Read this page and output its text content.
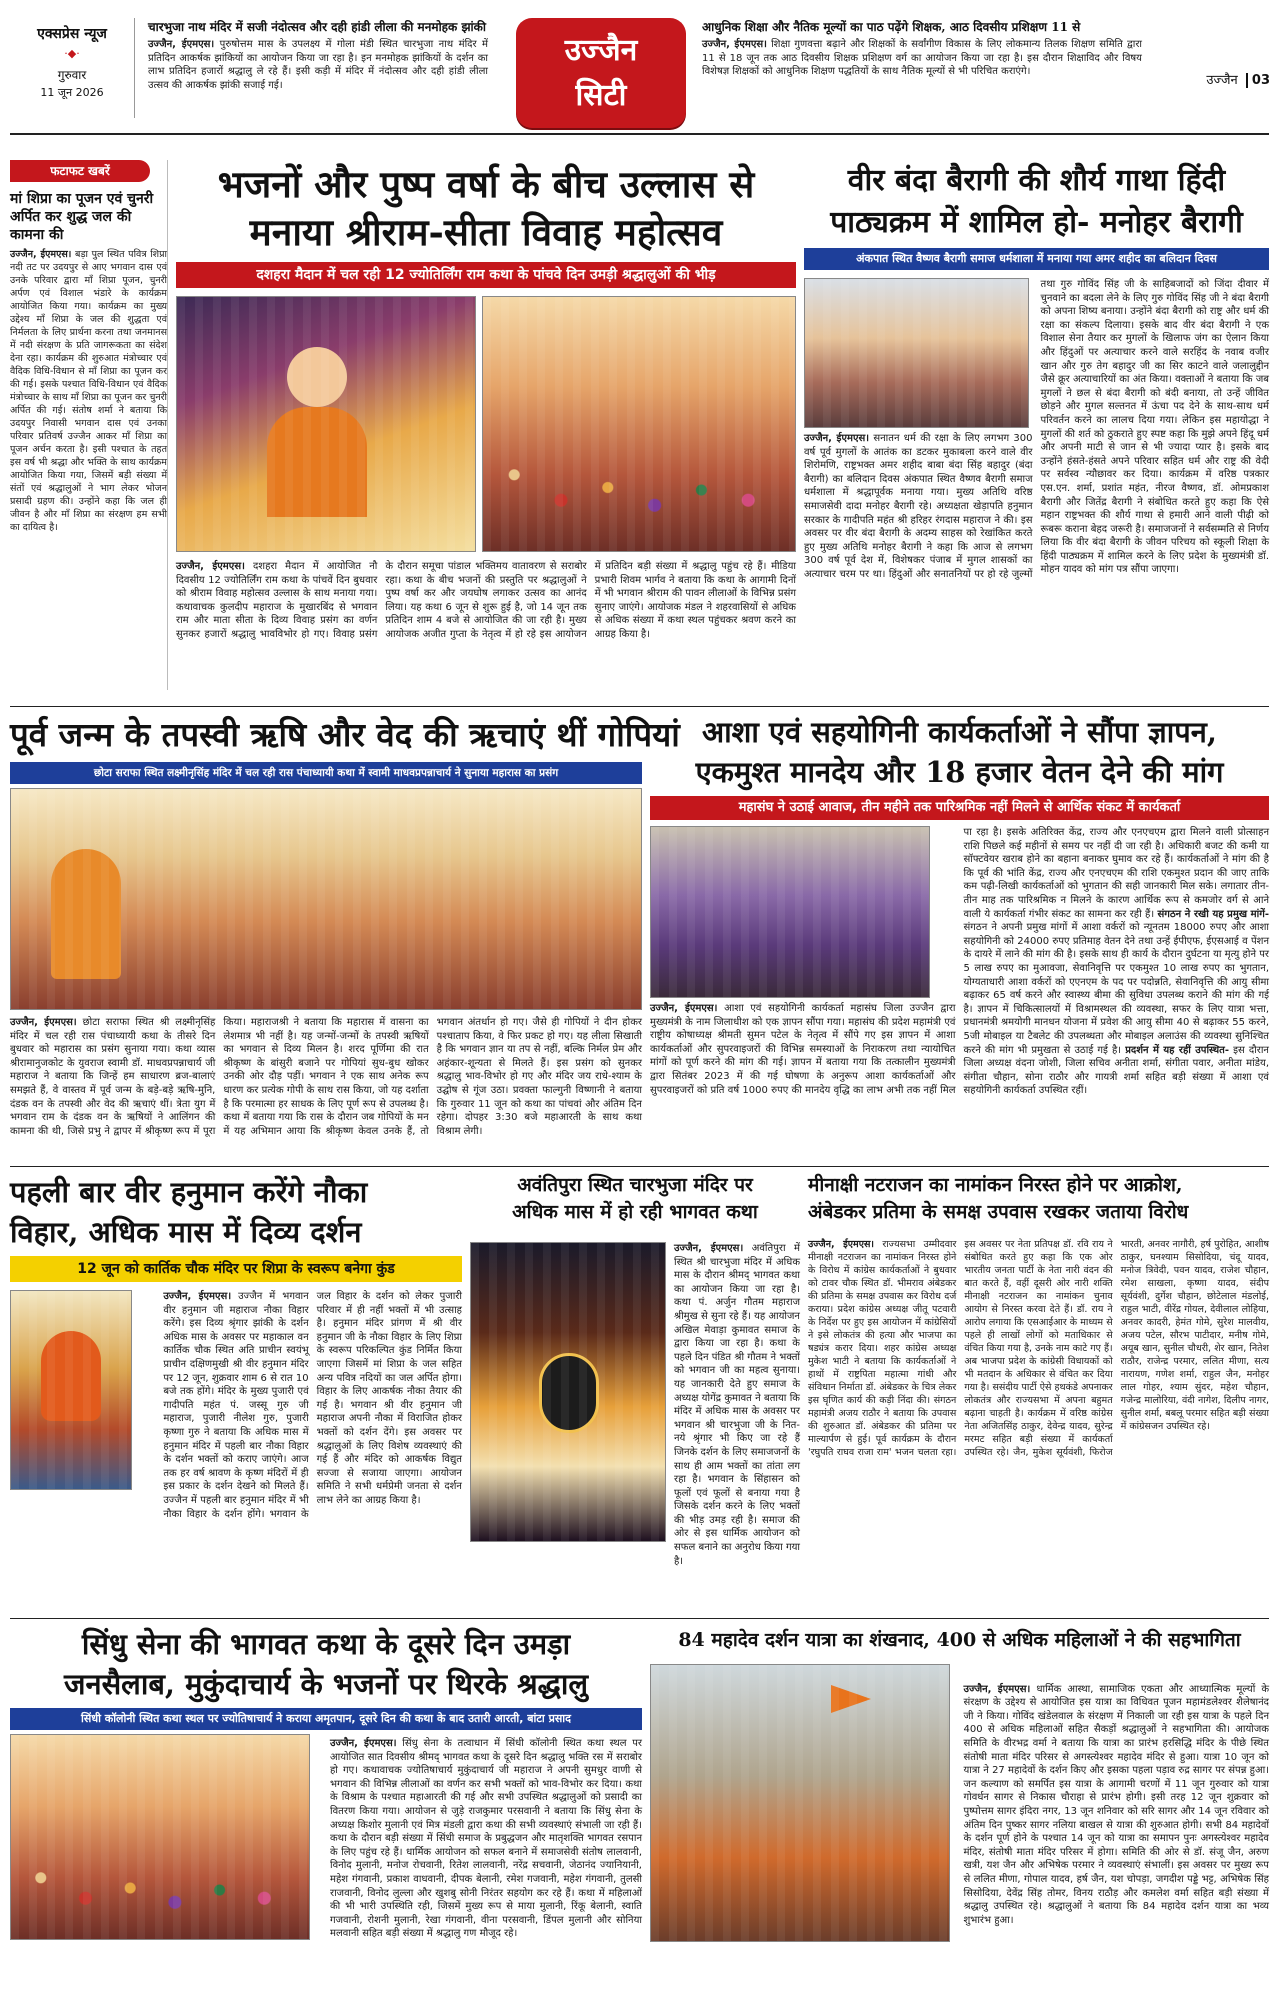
एक्सप्रेस न्यूज
·◆·
गुरुवार
11 जून 2026
चारभुजा नाथ मंदिर में सजी नंदोत्सव और दही हांडी लीला की मनमोहक झांकी
उज्जैन, ईएमएस। पुरुषोत्तम मास के उपलक्ष्य में गोला मंडी स्थित चारभुजा नाथ मंदिर में प्रतिदिन आकर्षक झांकियों का आयोजन किया जा रहा है। इन मनमोहक झांकियों के दर्शन का लाभ प्रतिदिन हजारों श्रद्धालु ले रहे हैं। इसी कड़ी में मंदिर में नंदोत्सव और दही हांडी लीला उत्सव की आकर्षक झांकी सजाई गई।
उज्जैन
सिटी
आधुनिक शिक्षा और नैतिक मूल्यों का पाठ पढ़ेंगे शिक्षक, आठ दिवसीय प्रशिक्षण 11 से
उज्जैन, ईएमएस। शिक्षा गुणवत्ता बढ़ाने और शिक्षकों के सर्वांगीण विकास के लिए लोकमान्य तिलक शिक्षण समिति द्वारा 11 से 18 जून तक आठ दिवसीय शिक्षक प्रशिक्षण वर्ग का आयोजन किया जा रहा है। इस दौरान शिक्षाविद और विषय विशेषज्ञ शिक्षकों को आधुनिक शिक्षण पद्धतियों के साथ नैतिक मूल्यों से भी परिचित कराएंगे।
उज्जैन 03
फटाफट खबरें
मां शिप्रा का पूजन एवं चुनरी अर्पित कर शुद्ध जल की कामना की
उज्जैन, ईएमएस। बड़ा पुल स्थित पवित्र शिप्रा नदी तट पर उदयपुर से आए भगवान दास एवं उनके परिवार द्वारा माँ शिप्रा पूजन, चुनरी अर्पण एवं विशाल भंडारे के कार्यक्रम आयोजित किया गया। कार्यक्रम का मुख्य उद्देश्य माँ शिप्रा के जल की शुद्धता एवं निर्मलता के लिए प्रार्थना करना तथा जनमानस में नदी संरक्षण के प्रति जागरूकता का संदेश देना रहा। कार्यक्रम की शुरुआत मंत्रोच्चार एवं वैदिक विधि-विधान से माँ शिप्रा का पूजन कर की गई। इसके पश्चात विधि-विधान एवं वैदिक मंत्रोच्चार के साथ माँ शिप्रा का पूजन कर चुनरी अर्पित की गई। संतोष शर्मा ने बताया कि उदयपुर निवासी भगवान दास एवं उनका परिवार प्रतिवर्ष उज्जैन आकर माँ शिप्रा का पूजन अर्चन करता है। इसी पश्चात के तहत इस वर्ष भी श्रद्धा और भक्ति के साथ कार्यक्रम आयोजित किया गया, जिसमें बड़ी संख्या में संतों एवं श्रद्धालुओं ने भाग लेकर भोजन प्रसादी ग्रहण की। उन्होंने कहा कि जल ही जीवन है और माँ शिप्रा का संरक्षण हम सभी का दायित्व है।
भजनों और पुष्प वर्षा के बीच उल्लास से
मनाया श्रीराम-सीता विवाह महोत्सव
दशहरा मैदान में चल रही 12 ज्योतिर्लिंग राम कथा के पांचवे दिन उमड़ी श्रद्धालुओं की भीड़
उज्जैन, ईएमएस। दशहरा मैदान में आयोजित नौ दिवसीय 12 ज्योतिर्लिंग राम कथा के पांचवें दिन बुधवार को श्रीराम विवाह महोत्सव उल्लास के साथ मनाया गया। कथावाचक कुलदीप महाराज के मुखारबिंद से भगवान राम और माता सीता के दिव्य विवाह प्रसंग का वर्णन सुनकर हजारों श्रद्धालु भावविभोर हो गए। विवाह प्रसंग के दौरान समूचा पांडाल भक्तिमय वातावरण से सराबोर रहा। कथा के बीच भजनों की प्रस्तुति पर श्रद्धालुओं ने पुष्प वर्षा कर और जयघोष लगाकर उत्सव का आनंद लिया। यह कथा 6 जून से शुरू हुई है, जो 14 जून तक प्रतिदिन शाम 4 बजे से आयोजित की जा रही है। मुख्य आयोजक अजीत गुप्ता के नेतृत्व में हो रहे इस आयोजन में प्रतिदिन बड़ी संख्या में श्रद्धालु पहुंच रहे हैं। मीडिया प्रभारी शिवम भार्गव ने बताया कि कथा के आगामी दिनों में भी भगवान श्रीराम की पावन लीलाओं के विभिन्न प्रसंग सुनाए जाएंगे। आयोजक मंडल ने शहरवासियों से अधिक से अधिक संख्या में कथा स्थल पहुंचकर श्रवण करने का आग्रह किया है।
वीर बंदा बैरागी की शौर्य गाथा हिंदी
पाठ्यक्रम में शामिल हो- मनोहर बैरागी
अंकपात स्थित वैष्णव बैरागी समाज धर्मशाला में मनाया गया अमर शहीद का बलिदान दिवस
उज्जैन, ईएमएस। सनातन धर्म की रक्षा के लिए लगभग 300 वर्ष पूर्व मुगलों के आतंक का डटकर मुकाबला करने वाले वीर शिरोमणि, राष्ट्रभक्त अमर शहीद बाबा बंदा सिंह बहादुर (बंदा बैरागी) का बलिदान दिवस अंकपात स्थित वैष्णव बैरागी समाज धर्मशाला में श्रद्धापूर्वक मनाया गया। मुख्य अतिथि वरिष्ठ समाजसेवी दादा मनोहर बैरागी रहे। अध्यक्षता खेड़ापति हनुमान सरकार के गादीपति महंत श्री हरिहर रंगदास महाराज ने की। इस अवसर पर वीर बंदा बैरागी के अदम्य साहस को रेखांकित करते हुए मुख्य अतिथि मनोहर बैरागी ने कहा कि आज से लगभग 300 वर्ष पूर्व देश में, विशेषकर पंजाब में मुगल शासकों का अत्याचार चरम पर था। हिंदुओं और सनातनियों पर हो रहे जुल्मों तथा गुरु गोविंद सिंह जी के साहिबजादों को जिंदा दीवार में चुनवाने का बदला लेने के लिए गुरु गोविंद सिंह जी ने बंदा बैरागी को अपना शिष्य बनाया। उन्होंने बंदा बैरागी को राष्ट्र और धर्म की रक्षा का संकल्प दिलाया। इसके बाद वीर बंदा बैरागी ने एक विशाल सेना तैयार कर मुगलों के खिलाफ जंग का ऐलान किया और हिंदुओं पर अत्याचार करने वाले सरहिंद के नवाब वजीर खान और गुरु तेग बहादुर जी का सिर काटने वाले जलालुद्दीन जैसे क्रूर अत्याचारियों का अंत किया। वक्ताओं ने बताया कि जब मुगलों ने छल से बंदा बैरागी को बंदी बनाया, तो उन्हें जीवित छोड़ने और मुगल सल्तनत में ऊंचा पद देने के साथ-साथ धर्म परिवर्तन करने का लालच दिया गया। लेकिन इस महायोद्धा ने मुगलों की शर्त को ठुकराते हुए स्पष्ट कहा कि मुझे अपने हिंदू धर्म और अपनी माटी से जान से भी ज्यादा प्यार है। इसके बाद उन्होंने हंसते-हंसते अपने परिवार सहित धर्म और राष्ट्र की वेदी पर सर्वस्व न्यौछावर कर दिया। कार्यक्रम में वरिष्ठ पत्रकार एस.एन. शर्मा, प्रशांत महंत, नीरज वैष्णव, डॉ. ओमप्रकाश बैरागी और जितेंद्र बैरागी ने संबोधित करते हुए कहा कि ऐसे महान राष्ट्रभक्त की शौर्य गाथा से हमारी आने वाली पीढ़ी को रूबरू कराना बेहद जरूरी है। समाजजनों ने सर्वसम्मति से निर्णय लिया कि वीर बंदा बैरागी के जीवन परिचय को स्कूली शिक्षा के हिंदी पाठ्यक्रम में शामिल करने के लिए प्रदेश के मुख्यमंत्री डॉ. मोहन यादव को मांग पत्र सौंपा जाएगा।
पूर्व जन्म के तपस्वी ऋषि और वेद की ऋचाएं थीं गोपियां
छोटा सराफा स्थित लक्ष्मीनृसिंह मंदिर में चल रही रास पंचाध्यायी कथा में स्वामी माधवप्रपन्नाचार्य ने सुनाया महारास का प्रसंग
उज्जैन, ईएमएस। छोटा सराफा स्थित श्री लक्ष्मीनृसिंह मंदिर में चल रही रास पंचाध्यायी कथा के तीसरे दिन बुधवार को महारास का प्रसंग सुनाया गया। कथा व्यास श्रीरामानुजकोट के युवराज स्वामी डॉ. माधवप्रपन्नाचार्य जी महाराज ने बताया कि जिन्हें हम साधारण ब्रज-बालाएं समझते हैं, वे वास्तव में पूर्व जन्म के बड़े-बड़े ऋषि-मुनि, दंडक वन के तपस्वी और वेद की ऋचाएं थीं। त्रेता युग में भगवान राम के दंडक वन के ऋषियों ने आलिंगन की कामना की थी, जिसे प्रभु ने द्वापर में श्रीकृष्ण रूप में पूरा किया। महाराजश्री ने बताया कि महारास में वासना का लेशमात्र भी नहीं है। यह जन्मों-जन्मों के तपस्वी ऋषियों का भगवान से दिव्य मिलन है। शरद पूर्णिमा की रात श्रीकृष्ण के बांसुरी बजाने पर गोपियां सुध-बुध खोकर उनकी ओर दौड़ पड़ीं। भगवान ने एक साथ अनेक रूप धारण कर प्रत्येक गोपी के साथ रास किया, जो यह दर्शाता है कि परमात्मा हर साधक के लिए पूर्ण रूप से उपलब्ध है। कथा में बताया गया कि रास के दौरान जब गोपियों के मन में यह अभिमान आया कि श्रीकृष्ण केवल उनके हैं, तो भगवान अंतर्धान हो गए। जैसे ही गोपियों ने दीन होकर पश्चाताप किया, वे फिर प्रकट हो गए। यह लीला सिखाती है कि भगवान ज्ञान या तप से नहीं, बल्कि निर्मल प्रेम और अहंकार-शून्यता से मिलते हैं। इस प्रसंग को सुनकर श्रद्धालु भाव-विभोर हो गए और मंदिर जय राधे-श्याम के उद्घोष से गूंज उठा। प्रवक्ता फाल्गुनी विष्णानी ने बताया कि गुरुवार 11 जून को कथा का पांचवां और अंतिम दिन रहेगा। दोपहर 3:30 बजे महाआरती के साथ कथा विश्राम लेगी।
आशा एवं सहयोगिनी कार्यकर्ताओं ने सौंपा ज्ञापन,
एकमुश्त मानदेय और 18 हजार वेतन देने की मांग
महासंघ ने उठाई आवाज, तीन महीने तक पारिश्रमिक नहीं मिलने से आर्थिक संकट में कार्यकर्ता
उज्जैन, ईएमएस। आशा एवं सहयोगिनी कार्यकर्ता महासंघ जिला उज्जैन द्वारा मुख्यमंत्री के नाम जिलाधीश को एक ज्ञापन सौंपा गया। महासंघ की प्रदेश महामंत्री एवं राष्ट्रीय कोषाध्यक्ष श्रीमती सुमन पटेल के नेतृत्व में सौंपे गए इस ज्ञापन में आशा कार्यकर्ताओं और सुपरवाइजरों की विभिन्न समस्याओं के निराकरण तथा न्यायोचित मांगों को पूर्ण करने की मांग की गई। ज्ञापन में बताया गया कि तत्कालीन मुख्यमंत्री द्वारा सितंबर 2023 में की गई घोषणा के अनुरूप आशा कार्यकर्ताओं और सुपरवाइजरों को प्रति वर्ष 1000 रुपए की मानदेय वृद्धि का लाभ अभी तक नहीं मिल पा रहा है। इसके अतिरिक्त केंद्र, राज्य और एनएचएम द्वारा मिलने वाली प्रोत्साहन राशि पिछले कई महीनों से समय पर नहीं दी जा रही है। अधिकारी बजट की कमी या सॉफ्टवेयर खराब होने का बहाना बनाकर घुमाव कर रहे हैं। कार्यकर्ताओं ने मांग की है कि पूर्व की भांति केंद्र, राज्य और एनएचएम की राशि एकमुश्त प्रदान की जाए ताकि कम पढ़ी-लिखी कार्यकर्ताओं को भुगतान की सही जानकारी मिल सके। लगातार तीन-तीन माह तक पारिश्रमिक न मिलने के कारण आर्थिक रूप से कमजोर वर्ग से आने वाली ये कार्यकर्ता गंभीर संकट का सामना कर रही हैं। संगठन ने रखी यह प्रमुख मांगें- संगठन ने अपनी प्रमुख मांगों में आशा वर्करों को न्यूनतम 18000 रुपए और आशा सहयोगिनी को 24000 रुपए प्रतिमाह वेतन देने तथा उन्हें ईपीएफ, ईएसआई व पेंशन के दायरे में लाने की मांग की है। इसके साथ ही कार्य के दौरान दुर्घटना या मृत्यु होने पर 5 लाख रुपए का मुआवजा, सेवानिवृत्ति पर एकमुश्त 10 लाख रुपए का भुगतान, योग्यताधारी आशा वर्करों को एएनएम के पद पर पदोन्नति, सेवानिवृत्ति की आयु सीमा बढ़ाकर 65 वर्ष करने और स्वास्थ्य बीमा की सुविधा उपलब्ध कराने की मांग की गई है। ज्ञापन में चिकित्सालयों में विश्रामस्थल की व्यवस्था, सफर के लिए यात्रा भत्ता, प्रधानमंत्री श्रमयोगी मानधन योजना में प्रवेश की आयु सीमा 40 से बढ़ाकर 55 करने, 5जी मोबाइल या टैबलेट की उपलब्धता और मोबाइल अलाउंस की व्यवस्था सुनिश्चित करने की मांग भी प्रमुखता से उठाई गई है। प्रदर्शन में यह रहीं उपस्थित- इस दौरान जिला अध्यक्ष वंदना जोशी, जिला सचिव अनीता शर्मा, संगीता पवार, अनीता मांडेय, संगीता चौहान, सोना राठौर और गायत्री शर्मा सहित बड़ी संख्या में आशा एवं सहयोगिनी कार्यकर्ता उपस्थित रहीं।
पहली बार वीर हनुमान करेंगे नौका
विहार, अधिक मास में दिव्य दर्शन
12 जून को कार्तिक चौक मंदिर पर शिप्रा के स्वरूप बनेगा कुंड
उज्जैन, ईएमएस। उज्जैन में भगवान वीर हनुमान जी महाराज नौका विहार करेंगे। इस दिव्य श्रृंगार झांकी के दर्शन अधिक मास के अवसर पर महाकाल वन कार्तिक चौक स्थित अति प्राचीन स्वयंभू प्राचीन दक्षिणमुखी श्री वीर हनुमान मंदिर पर 12 जून, शुक्रवार शाम 6 से रात 10 बजे तक होंगे। मंदिर के मुख्य पुजारी एवं गादीपति महंत पं. जस्सू गुरु जी महाराज, पुजारी नीलेश गुरु, पुजारी कृष्णा गुरु ने बताया कि अधिक मास में हनुमान मंदिर में पहली बार नौका विहार के दर्शन भक्तों को कराए जाएंगे। आज तक हर वर्ष श्रावण के कृष्ण मंदिरों में ही इस प्रकार के दर्शन देखने को मिलते हैं। उज्जैन में पहली बार हनुमान मंदिर में भी नौका विहार के दर्शन होंगे। भगवान के जल विहार के दर्शन को लेकर पुजारी परिवार में ही नहीं भक्तों में भी उत्साह है। हनुमान मंदिर प्रांगण में श्री वीर हनुमान जी के नौका विहार के लिए शिप्रा के स्वरूप परिकल्पित कुंड निर्मित किया जाएगा जिसमें मां शिप्रा के जल सहित अन्य पवित्र नदियों का जल अर्पित होगा। विहार के लिए आकर्षक नौका तैयार की गई है। भगवान श्री वीर हनुमान जी महाराज अपनी नौका में विराजित होकर भक्तों को दर्शन देंगे। इस अवसर पर श्रद्धालुओं के लिए विशेष व्यवस्थाएं की गई हैं और मंदिर को आकर्षक विद्युत सज्जा से सजाया जाएगा। आयोजन समिति ने सभी धर्मप्रेमी जनता से दर्शन लाभ लेने का आग्रह किया है।
अवंतिपुरा स्थित चारभुजा मंदिर पर
अधिक मास में हो रही भागवत कथा
उज्जैन, ईएमएस। अवंतिपुरा में स्थित श्री चारभुजा मंदिर में अधिक मास के दौरान श्रीमद् भागवत कथा का आयोजन किया जा रहा है। कथा पं. अर्जुन गौतम महाराज श्रीमुख से सुना रहे हैं। यह आयोजन अखिल मेवाड़ा कुमावत समाज के द्वारा किया जा रहा है। कथा के पहले दिन पंडित श्री गौतम ने भक्तों को भगवान जी का महत्व सुनाया। यह जानकारी देते हुए समाज के अध्यक्ष योगेंद्र कुमावत ने बताया कि मंदिर में अधिक मास के अवसर पर भगवान श्री चारभुजा जी के नित-नये श्रृंगार भी किए जा रहे हैं जिनके दर्शन के लिए समाजजनों के साथ ही आम भक्तों का तांता लग रहा है। भगवान के सिंहासन को फूलों एवं फूलों से बनाया गया है जिसके दर्शन करने के लिए भक्तों की भीड़ उमड़ रही है। समाज की ओर से इस धार्मिक आयोजन को सफल बनाने का अनुरोध किया गया है।
मीनाक्षी नटराजन का नामांकन निरस्त होने पर आक्रोश,
अंबेडकर प्रतिमा के समक्ष उपवास रखकर जताया विरोध
उज्जैन, ईएमएस। राज्यसभा उम्मीदवार मीनाक्षी नटराजन का नामांकन निरस्त होने के विरोध में कांग्रेस कार्यकर्ताओं ने बुधवार को टावर चौक स्थित डॉ. भीमराव अंबेडकर की प्रतिमा के समक्ष उपवास कर विरोध दर्ज कराया। प्रदेश कांग्रेस अध्यक्ष जीतू पटवारी के निर्देश पर हुए इस आयोजन में कांग्रेसियों ने इसे लोकतंत्र की हत्या और भाजपा का षड्यंत्र करार दिया। शहर कांग्रेस अध्यक्ष मुकेश भाटी ने बताया कि कार्यकर्ताओं ने हाथों में राष्ट्रपिता महात्मा गांधी और संविधान निर्माता डॉ. अंबेडकर के चित्र लेकर इस घृणित कार्य की कड़ी निंदा की। संगठन महामंत्री अजय राठौर ने बताया कि उपवास की शुरुआत डॉ. अंबेडकर की प्रतिमा पर माल्यार्पण से हुई। पूर्व कार्यक्रम के दौरान 'रघुपति राघव राजा राम' भजन चलता रहा। इस अवसर पर नेता प्रतिपक्ष डॉ. रवि राय ने संबोधित करते हुए कहा कि एक ओर भारतीय जनता पार्टी के नेता नारी वंदन की बात करते हैं, वहीं दूसरी ओर नारी शक्ति मीनाक्षी नटराजन का नामांकन चुनाव आयोग से निरस्त करवा देते हैं। डॉ. राय ने आरोप लगाया कि एसआईआर के माध्यम से पहले ही लाखों लोगों को मताधिकार से वंचित किया गया है, उनके नाम काटे गए हैं। अब भाजपा प्रदेश के कांग्रेसी विधायकों को भी मतदान के अधिकार से वंचित कर दिया गया है। ससंदीय पार्टी ऐसे हथकंडे अपनाकर लोकतंत्र और राज्यसभा में अपना बहुमत बढ़ाना चाहती है। कार्यक्रम में वरिष्ठ कांग्रेस नेता अजितसिंह ठाकुर, देवेन्द्र यादव, सुरेन्द्र मरमट सहित बड़ी संख्या में कार्यकर्ता उपस्थित रहे। जैन, मुकेश सूर्यवंशी, फिरोज भारती, अनवर नागौरी, हर्ष पुरोहित, आशीष ठाकुर, घनश्याम सिसोदिया, चंदू यादव, मनोज त्रिवेदी, पवन यादव, राजेश चौहान, रमेश साखला, कृष्णा यादव, संदीप सूर्यवंशी, दुर्गेश चौहान, छोटेलाल मंडलोई, राहुल भाटी, वीरेंद्र गोयल, देवीलाल लोहिया, अनवर कादरी, हेमंत गोमे, सुरेश मालवीय, अजय पटेल, सौरभ पाटीदार, मनीष गोमे, अयूब खान, सुनील चौधरी, शेर खान, नितेश राठौर, राजेन्द्र परमार, ललित मीणा, सत्य नारायण, गणेश शर्मा, राहुल जैन, मनोहर लाल गोहर, श्याम सुंदर, महेश चौहान, गजेन्द्र मालोरिया, वंदी नागेश, दिलीप नागर, सुनील शर्मा, बबलू परमार सहित बड़ी संख्या में कांग्रेसजन उपस्थित रहे।
सिंधु सेना की भागवत कथा के दूसरे दिन उमड़ा
जनसैलाब, मुकुंदाचार्य के भजनों पर थिरके श्रद्धालु
सिंधी कॉलोनी स्थित कथा स्थल पर ज्योतिषाचार्य ने कराया अमृतपान, दूसरे दिन की कथा के बाद उतारी आरती, बांटा प्रसाद
उज्जैन, ईएमएस। सिंधु सेना के तत्वाधान में सिंधी कॉलोनी स्थित कथा स्थल पर आयोजित सात दिवसीय श्रीमद् भागवत कथा के दूसरे दिन श्रद्धालु भक्ति रस में सराबोर हो गए। कथावाचक ज्योतिषाचार्य मुकुंदाचार्य जी महाराज ने अपनी सुमधुर वाणी से भगवान की विभिन्न लीलाओं का वर्णन कर सभी भक्तों को भाव-विभोर कर दिया। कथा के विश्राम के पश्चात महाआरती की गई और सभी उपस्थित श्रद्धालुओं को प्रसादी का वितरण किया गया। आयोजन से जुड़े राजकुमार परसवानी ने बताया कि सिंधु सेना के अध्यक्ष किशोर मुलानी एवं मित्र मंडली द्वारा कथा की सभी व्यवस्थाएं संभाली जा रही हैं। कथा के दौरान बड़ी संख्या में सिंधी समाज के प्रबुद्धजन और मातृशक्ति भागवत रसपान के लिए पहुंच रहे हैं। धार्मिक आयोजन को सफल बनाने में समाजसेवी संतोष लालवानी, विनोद मुलानी, मनोज रोचवानी, रितेश लालवानी, नरेंद्र सचवानी, जेठानंद ज्यानियानी, महेश गंगवानी, प्रकाश वाधवानी, दीपक बेलानी, रमेश गजवानी, महेश गंगवानी, तुलसी राजवानी, विनोद लुल्ला और खुशबु सोनी निरंतर सहयोग कर रहे हैं। कथा में महिलाओं की भी भारी उपस्थिति रही, जिसमें मुख्य रूप से माया मुलानी, रिंकू बेलानी, स्वाति गजवानी, रोशनी मुलानी, रेखा गंगवानी, वीना परसवानी, डिंपल मुलानी और सोनिया मलवानी सहित बड़ी संख्या में श्रद्धालु गण मौजूद रहे।
84 महादेव दर्शन यात्रा का शंखनाद, 400 से अधिक महिलाओं ने की सहभागिता
उज्जैन, ईएमएस। धार्मिक आस्था, सामाजिक एकता और आध्यात्मिक मूल्यों के संरक्षण के उद्देश्य से आयोजित इस यात्रा का विधिवत पूजन महामंडलेश्वर शैलेषानंद जी ने किया। गोविंद खंडेलवाल के संरक्षण में निकाली जा रही इस यात्रा के पहले दिन 400 से अधिक महिलाओं सहित सैकड़ों श्रद्धालुओं ने सहभागिता की। आयोजक समिति के वीरभद्र वर्मा ने बताया कि यात्रा का प्रारंभ हरसिद्धि मंदिर के पीछे स्थित संतोषी माता मंदिर परिसर से अगस्त्येश्वर महादेव मंदिर से हुआ। यात्रा 10 जून को यात्रा ने 27 महादेवों के दर्शन किए और इसका पहला पड़ाव रुद्र सागर पर संपन्न हुआ। जन कल्याण को समर्पित इस यात्रा के आगामी चरणों में 11 जून गुरुवार को यात्रा गोवर्धन सागर से निकास चौराहा से प्रारंभ होगी। इसी तरह 12 जून शुक्रवार को पुष्पोत्तम सागर इंदिरा नगर, 13 जून शनिवार को सरि सागर और 14 जून रविवार को अंतिम दिन पुष्कर सागर नलिया बाखल से यात्रा की शुरुआत होगी। सभी 84 महादेवों के दर्शन पूर्ण होने के पश्चात 14 जून को यात्रा का समापन पुनः अगस्त्येश्वर महादेव मंदिर, संतोषी माता मंदिर परिसर में होगा। समिति की ओर से डॉ. संजू जैन, अरुण खत्री, यश जैन और अभिषेक परमार ने व्यवस्थाएं संभालीं। इस अवसर पर मुख्य रूप से ललित मीणा, गोपाल यादव, हर्ष जैन, यश चोपड़ा, जगदीश पड्डे भट्ट, अभिषेक सिंह सिसोदिया, देवेंद्र सिंह तोमर, विनय राठौड़ और कमलेश वर्मा सहित बड़ी संख्या में श्रद्धालु उपस्थित रहे। श्रद्धालुओं ने बताया कि 84 महादेव दर्शन यात्रा का भव्य शुभारंभ हुआ।
